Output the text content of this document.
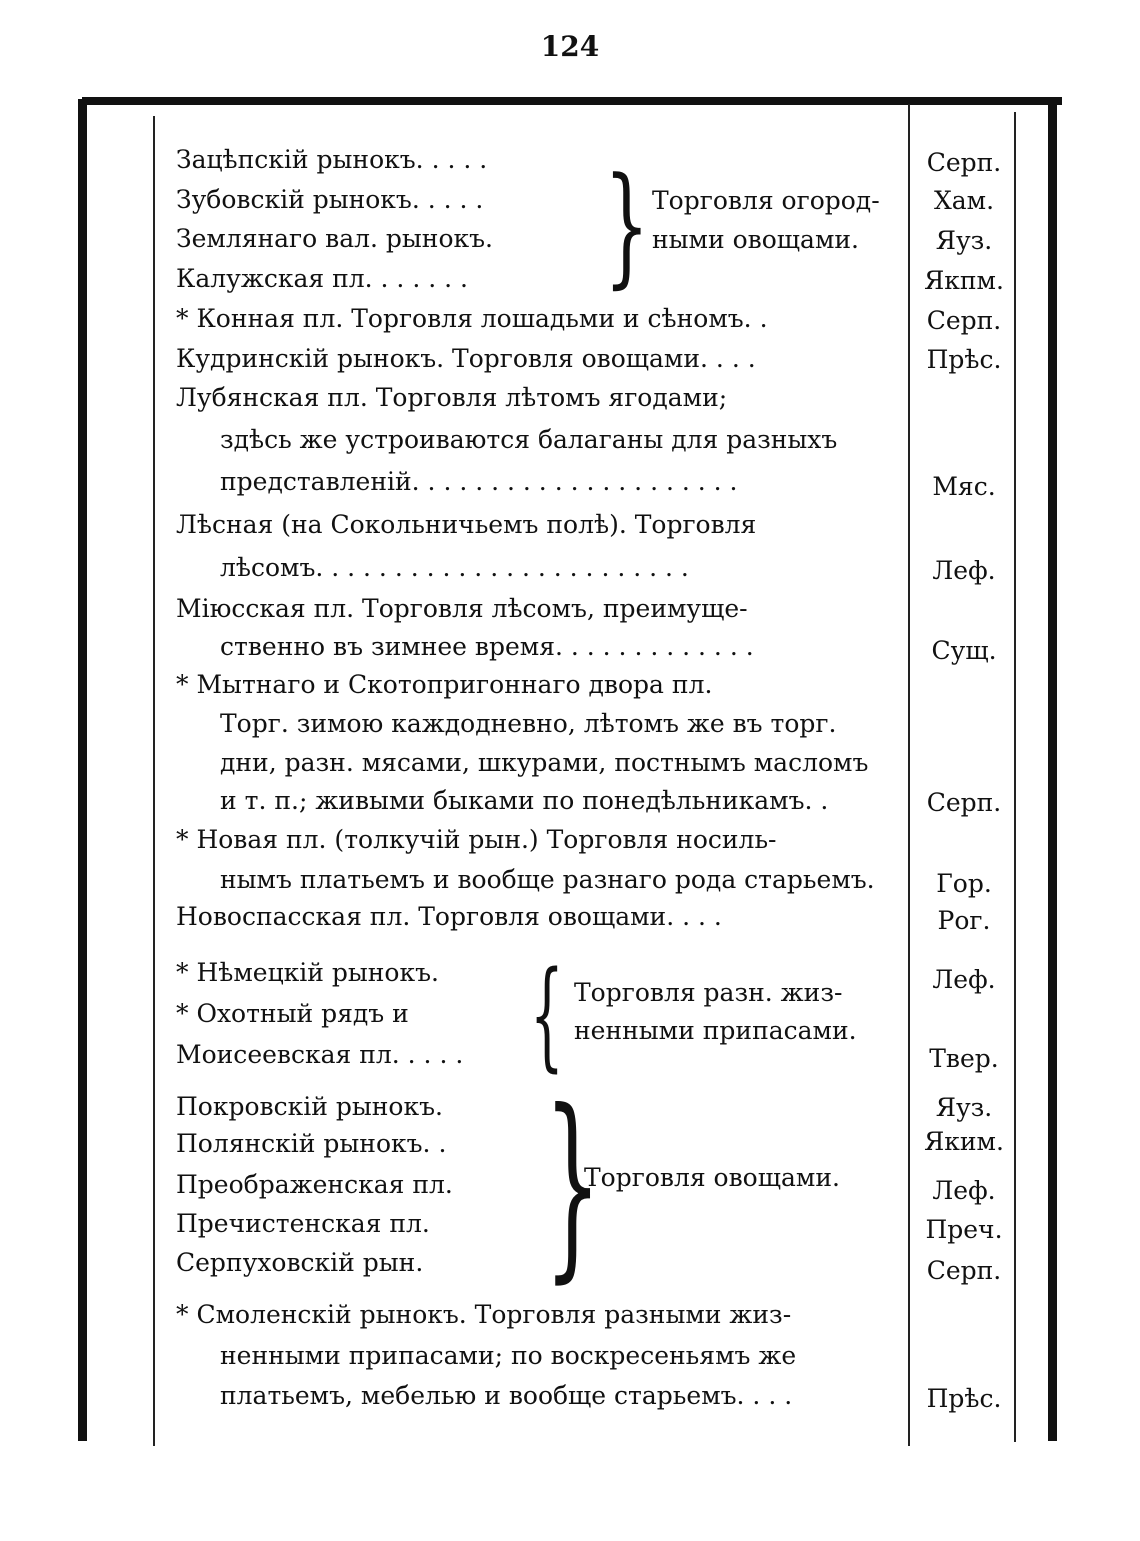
124
Зацѣпскій рынокъ. . . . .	Серп.
Зубовскій рынокъ. . . . .	Хам.
Землянаго вал. рынокъ.	Яуз.
Калужская пл. . . . . . .	Якпм.
} Торговля огород-
ными овощами.
* Конная пл. Торговля лошадьми и сѣномъ. .	Серп.
Кудринскій рынокъ. Торговля овощами. . . .	Прѣс.
Лубянская пл. Торговля лѣтомъ ягодами;
здѣсь же устроиваются балаганы для разныхъ
представленій. . . . . . . . . . . . . . . . . . . . .	Мяс.
Лѣсная (на Сокольничьемъ полѣ). Торговля
лѣсомъ. . . . . . . . . . . . . . . . . . . . . . . .	Леф.
Міюсская пл. Торговля лѣсомъ, преимуще-
ственно въ зимнее время. . . . . . . . . . . . .	Сущ.
* Мытнаго и Скотопригоннаго двора пл.
Торг. зимою каждодневно, лѣтомъ же въ торг.
дни, разн. мясами, шкурами, постнымъ масломъ
и т. п.; живыми быками по понедѣльникамъ. .	Серп.
* Новая пл. (толкучій рын.) Торговля носиль-
нымъ платьемъ и вообще разнаго рода старьемъ.	Гор.
Новоспасская пл. Торговля овощами. . . .	Рог.
* Нѣмецкій рынокъ.	Леф.
* Охотный рядъ и
Моисеевская пл. . . . .	Твер.
{ Торговля разн. жиз-
ненными припасами.
Покровскій рынокъ.	Яуз.
Полянскій рынокъ. .	Яким.
Преображенская пл.	Леф.
Пречистенская пл.	Преч.
Серпуховскій рын.	Серп.
}
Торговля овощами.
* Смоленскій рынокъ. Торговля разными жиз-
ненными припасами; по воскресеньямъ же
платьемъ, мебелью и вообще старьемъ. . . .	Прѣс.
